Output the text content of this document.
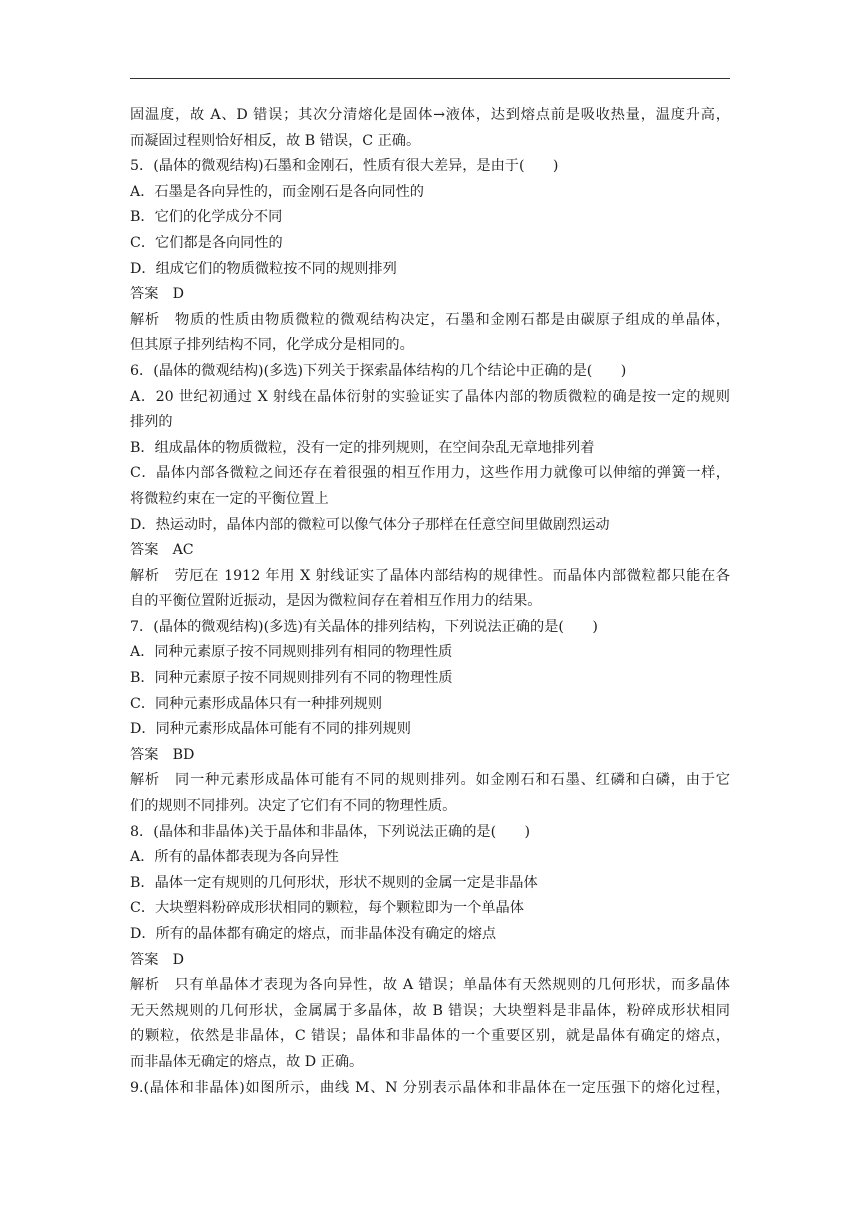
固温度，故 A、D 错误；其次分清熔化是固体→液体，达到熔点前是吸收热量，温度升高，
而凝固过程则恰好相反，故 B 错误，C 正确。
5．(晶体的微观结构)石墨和金刚石，性质有很大差异，是由于(　　)
A．石墨是各向异性的，而金刚石是各向同性的
B．它们的化学成分不同
C．它们都是各向同性的
D．组成它们的物质微粒按不同的规则排列
答案　D
解析　物质的性质由物质微粒的微观结构决定，石墨和金刚石都是由碳原子组成的单晶体，
但其原子排列结构不同，化学成分是相同的。
6．(晶体的微观结构)(多选)下列关于探索晶体结构的几个结论中正确的是(　　)
A．20 世纪初通过 X 射线在晶体衍射的实验证实了晶体内部的物质微粒的确是按一定的规则
排列的
B．组成晶体的物质微粒，没有一定的排列规则，在空间杂乱无章地排列着
C．晶体内部各微粒之间还存在着很强的相互作用力，这些作用力就像可以伸缩的弹簧一样，
将微粒约束在一定的平衡位置上
D．热运动时，晶体内部的微粒可以像气体分子那样在任意空间里做剧烈运动
答案　AC
解析　劳厄在 1912 年用 X 射线证实了晶体内部结构的规律性。而晶体内部微粒都只能在各
自的平衡位置附近振动，是因为微粒间存在着相互作用力的结果。
7．(晶体的微观结构)(多选)有关晶体的排列结构，下列说法正确的是(　　)
A．同种元素原子按不同规则排列有相同的物理性质
B．同种元素原子按不同规则排列有不同的物理性质
C．同种元素形成晶体只有一种排列规则
D．同种元素形成晶体可能有不同的排列规则
答案　BD
解析　同一种元素形成晶体可能有不同的规则排列。如金刚石和石墨、红磷和白磷，由于它
们的规则不同排列。决定了它们有不同的物理性质。
8．(晶体和非晶体)关于晶体和非晶体，下列说法正确的是(　　)
A．所有的晶体都表现为各向异性
B．晶体一定有规则的几何形状，形状不规则的金属一定是非晶体
C．大块塑料粉碎成形状相同的颗粒，每个颗粒即为一个单晶体
D．所有的晶体都有确定的熔点，而非晶体没有确定的熔点
答案　D
解析　只有单晶体才表现为各向异性，故 A 错误；单晶体有天然规则的几何形状，而多晶体
无天然规则的几何形状，金属属于多晶体，故 B 错误；大块塑料是非晶体，粉碎成形状相同
的颗粒，依然是非晶体，C 错误；晶体和非晶体的一个重要区别，就是晶体有确定的熔点，
而非晶体无确定的熔点，故 D 正确。
9.(晶体和非晶体)如图所示，曲线 M、N 分别表示晶体和非晶体在一定压强下的熔化过程，
